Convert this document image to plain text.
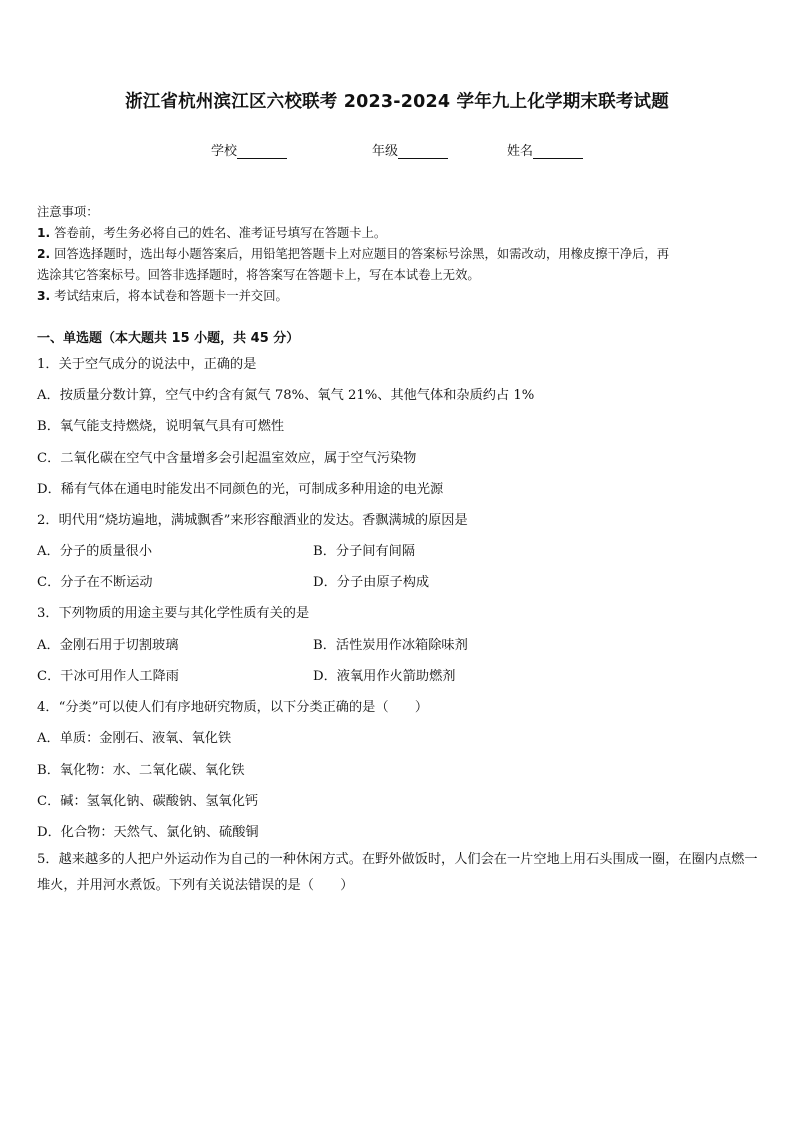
浙江省杭州滨江区六校联考 2023-2024 学年九上化学期末联考试题
学校	年级	姓名
注意事项：
1. 答卷前，考生务必将自己的姓名、准考证号填写在答题卡上。
2. 回答选择题时，选出每小题答案后，用铅笔把答题卡上对应题目的答案标号涂黑，如需改动，用橡皮擦干净后，再
选涂其它答案标号。回答非选择题时，将答案写在答题卡上，写在本试卷上无效。
3. 考试结束后，将本试卷和答题卡一并交回。
一、单选题（本大题共 15 小题，共 45 分）
1．关于空气成分的说法中，正确的是
A．按质量分数计算，空气中约含有氮气 78%、氧气 21%、其他气体和杂质约占 1%
B．氧气能支持燃烧，说明氧气具有可燃性
C．二氧化碳在空气中含量增多会引起温室效应，属于空气污染物
D．稀有气体在通电时能发出不同颜色的光，可制成多种用途的电光源
2．明代用“烧坊遍地，满城飘香”来形容酿酒业的发达。香飘满城的原因是
A．分子的质量很小	B．分子间有间隔
C．分子在不断运动	D．分子由原子构成
3．下列物质的用途主要与其化学性质有关的是
A．金刚石用于切割玻璃	B．活性炭用作冰箱除味剂
C．干冰可用作人工降雨	D．液氧用作火箭助燃剂
4．“分类”可以使人们有序地研究物质，以下分类正确的是（　　）
A．单质：金刚石、液氧、氧化铁
B．氧化物：水、二氧化碳、氧化铁
C．碱：氢氧化钠、碳酸钠、氢氧化钙
D．化合物：天然气、氯化钠、硫酸铜
5．越来越多的人把户外运动作为自己的一种休闲方式。在野外做饭时，人们会在一片空地上用石头围成一圈，在圈内点燃一堆火，并用河水煮饭。下列有关说法错误的是（　　）
